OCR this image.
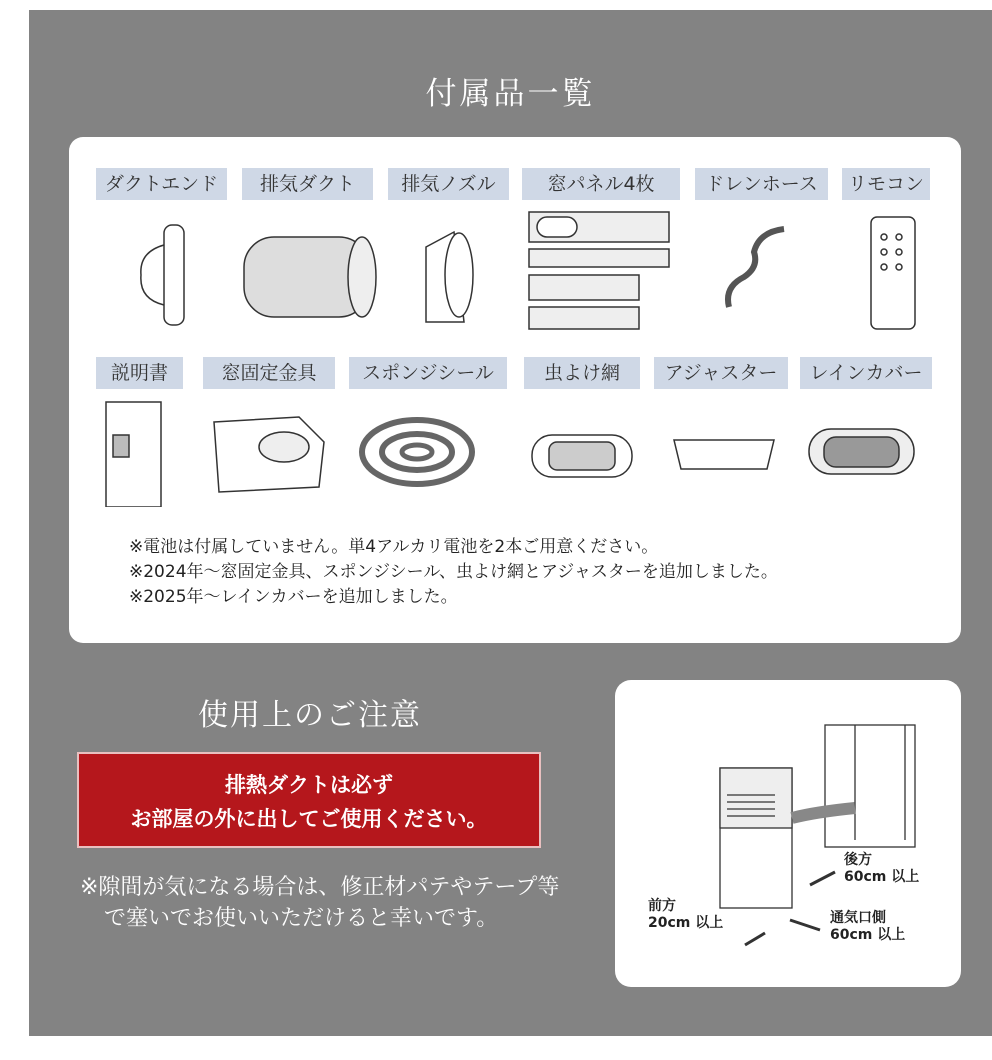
付属品一覧
ダクトエンド	排気ダクト	排気ノズル	窓パネル4枚	ドレンホース	リモコン
説明書	窓固定金具	スポンジシール	虫よけ網	アジャスター	レインカバー
※電池は付属していません。単4アルカリ電池を2本ご用意ください。
※2024年～窓固定金具、スポンジシール、虫よけ網とアジャスターを追加しました。
※2025年～レインカバーを追加しました。
使用上のご注意
排熱ダクトは必ず
お部屋の外に出してご使用ください。
※隙間が気になる場合は、修正材パテやテープ等で塞いでお使いいただけると幸いです。
後方
60cm 以上
前方
20cm 以上	通気口側
60cm 以上
